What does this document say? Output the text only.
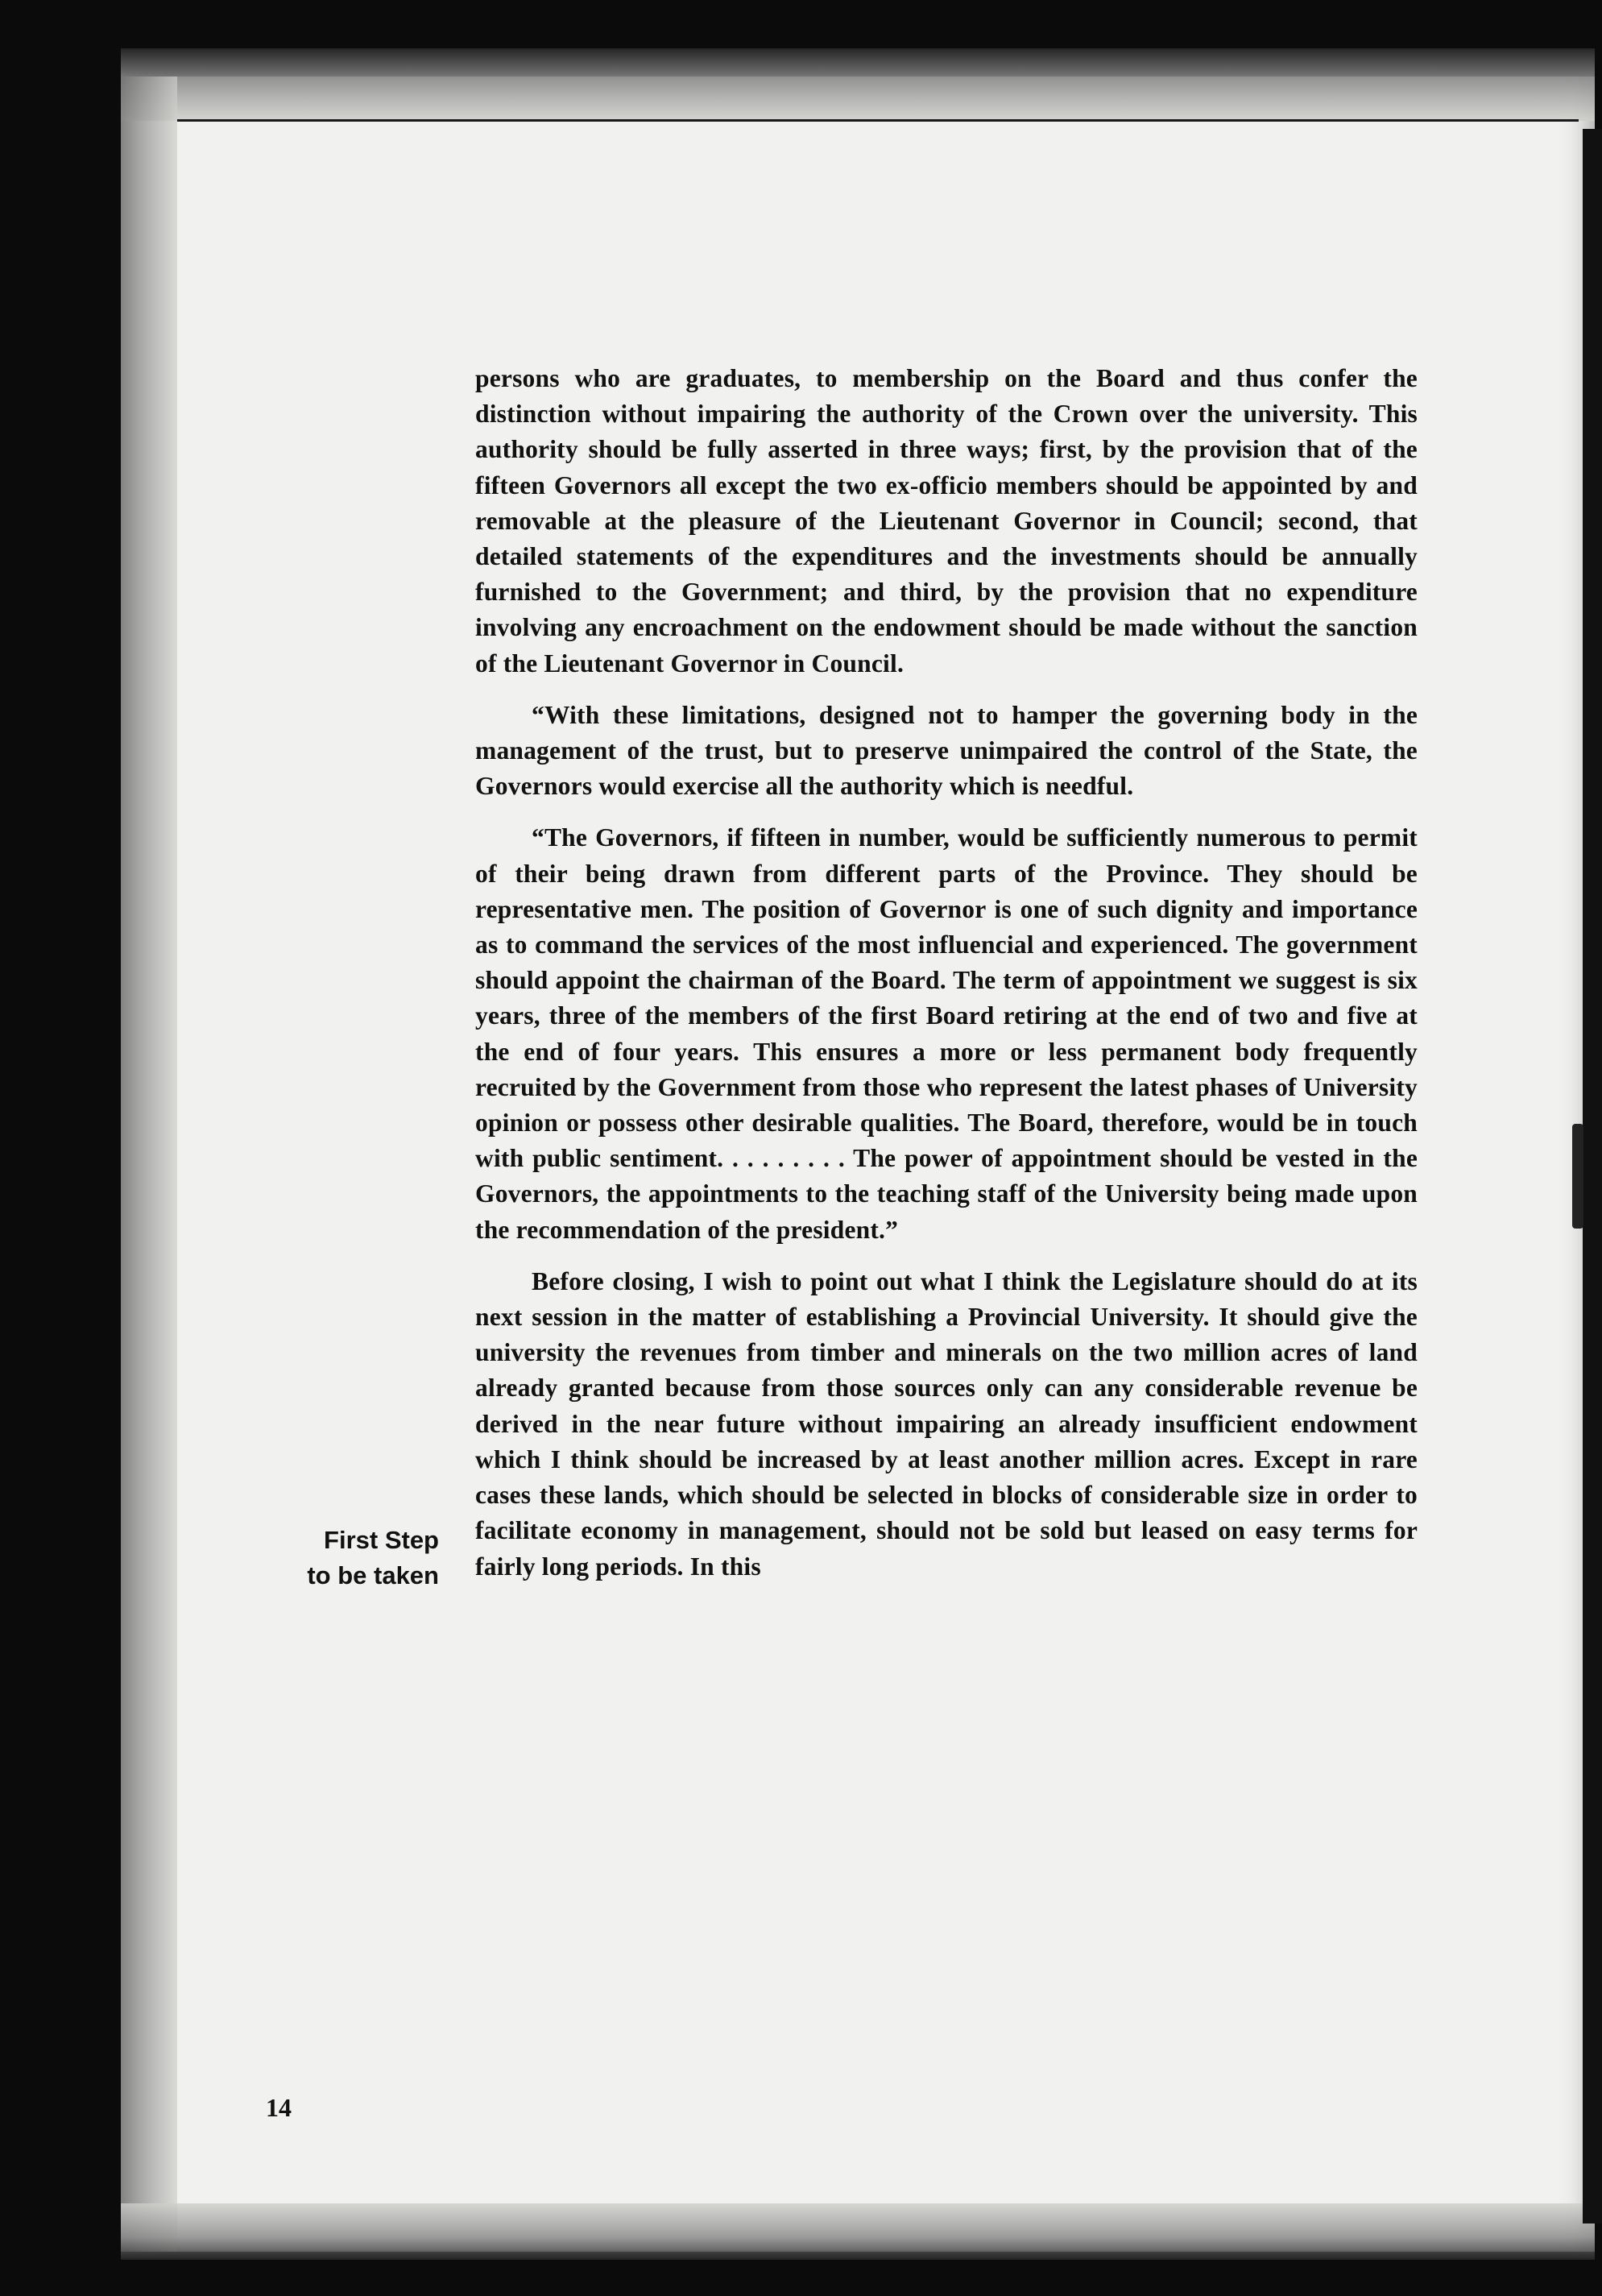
persons who are graduates, to membership on the Board and thus confer the distinction without impairing the authority of the Crown over the university. This authority should be fully asserted in three ways; first, by the provision that of the fifteen Governors all except the two ex-officio members should be appointed by and removable at the pleasure of the Lieutenant Governor in Council; second, that detailed statements of the expenditures and the investments should be annually furnished to the Government; and third, by the provision that no expenditure involving any encroachment on the endowment should be made without the sanction of the Lieutenant Governor in Council.

“With these limitations, designed not to hamper the governing body in the management of the trust, but to preserve unimpaired the control of the State, the Governors would exercise all the authority which is needful.

“The Governors, if fifteen in number, would be sufficiently numerous to permit of their being drawn from different parts of the Province. They should be representative men. The position of Governor is one of such dignity and importance as to command the services of the most influencial and experienced. The government should appoint the chairman of the Board. The term of appointment we suggest is six years, three of the members of the first Board retiring at the end of two and five at the end of four years. This ensures a more or less permanent body frequently recruited by the Government from those who represent the latest phases of University opinion or possess other desirable qualities. The Board, therefore, would be in touch with public sentiment. . . . . . . . . The power of appointment should be vested in the Governors, the appointments to the teaching staff of the University being made upon the recommendation of the president.”

Before closing, I wish to point out what I think the Legislature should do at its next session in the matter of establishing a Provincial University. It should give the university the revenues from timber and minerals on the two million acres of land already granted because from those sources only can any considerable revenue be derived in the near future without impairing an already insufficient endowment which I think should be increased by at least another million acres. Except in rare cases these lands, which should be selected in blocks of considerable size in order to facilitate economy in management, should not be sold but leased on easy terms for fairly long periods. In this

First Step
to be taken
14
